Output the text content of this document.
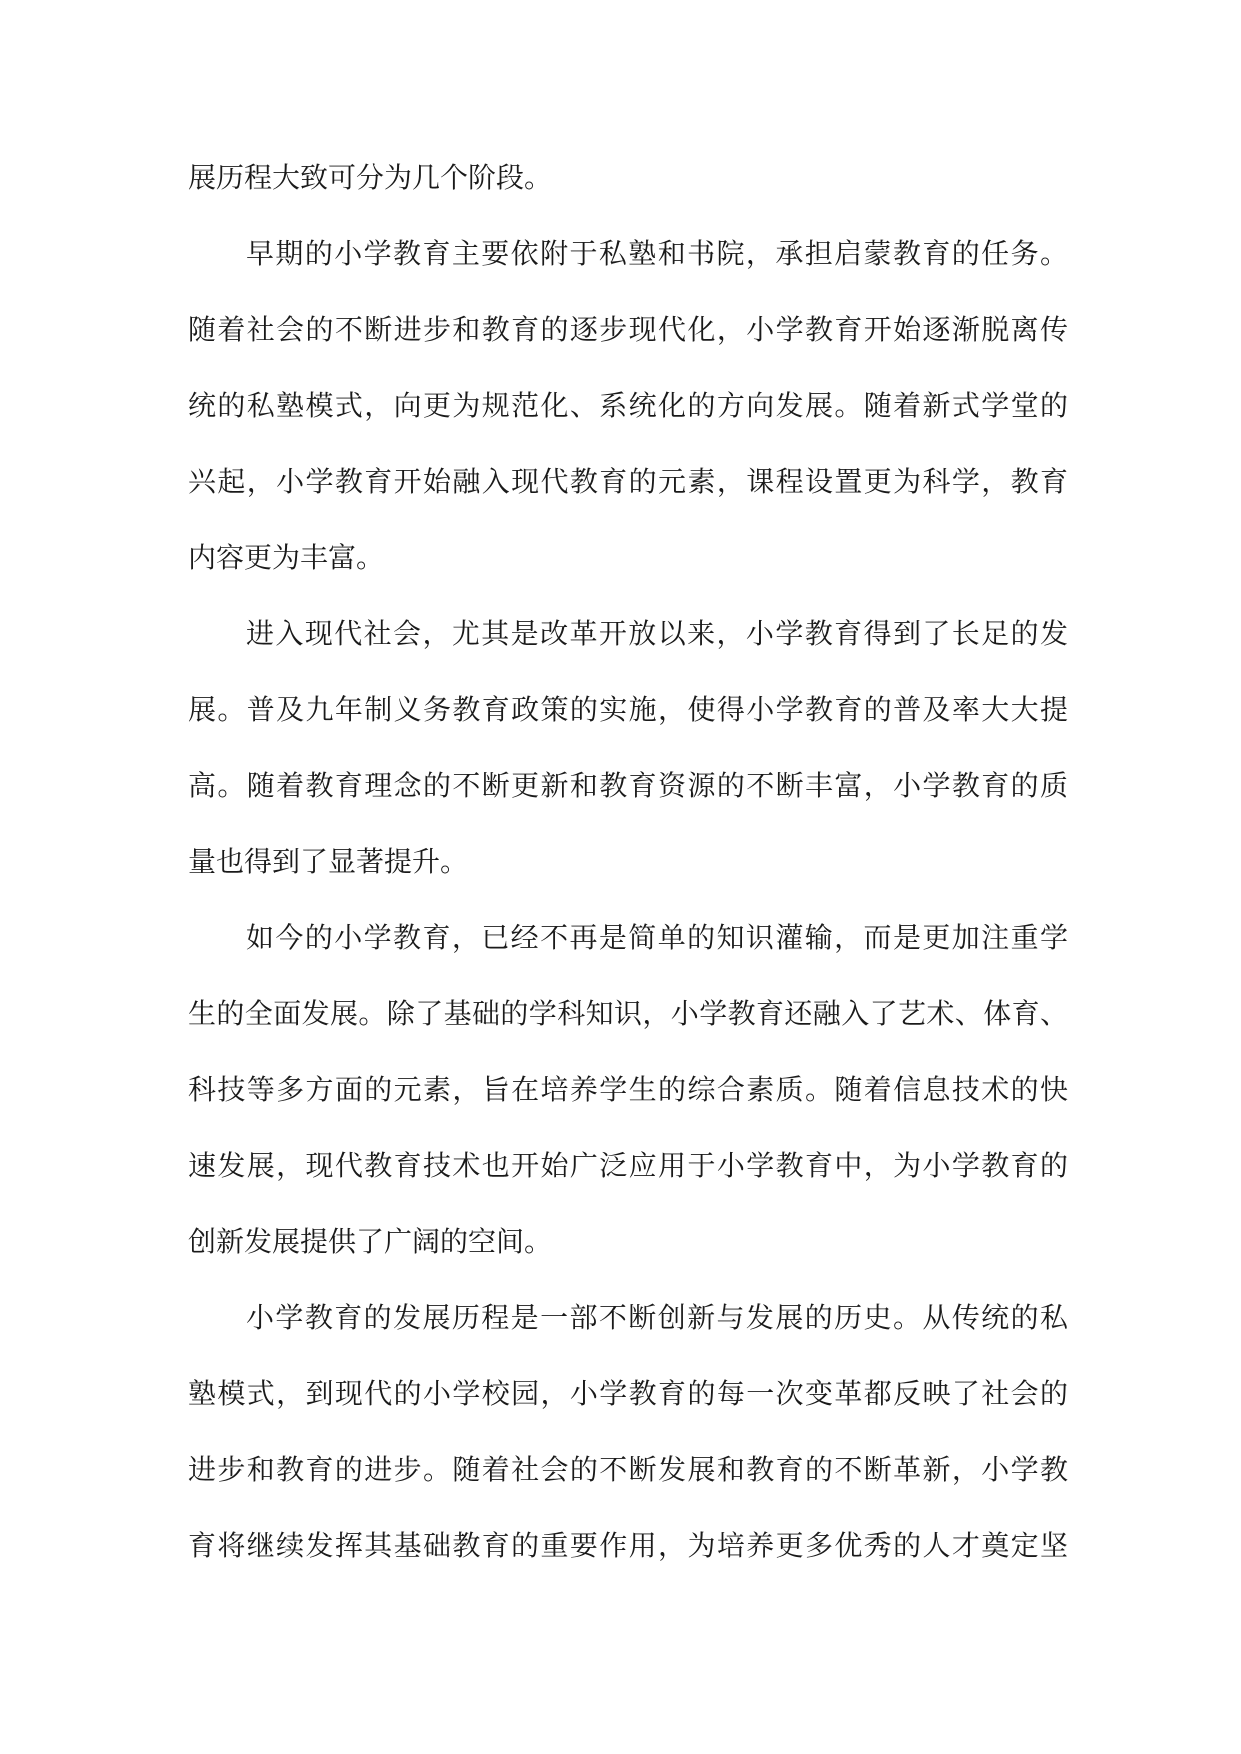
展历程大致可分为几个阶段。
早期的小学教育主要依附于私塾和书院，承担启蒙教育的任务。
随着社会的不断进步和教育的逐步现代化，小学教育开始逐渐脱离传
统的私塾模式，向更为规范化、系统化的方向发展。随着新式学堂的
兴起，小学教育开始融入现代教育的元素，课程设置更为科学，教育
内容更为丰富。
进入现代社会，尤其是改革开放以来，小学教育得到了长足的发
展。普及九年制义务教育政策的实施，使得小学教育的普及率大大提
高。随着教育理念的不断更新和教育资源的不断丰富，小学教育的质
量也得到了显著提升。
如今的小学教育，已经不再是简单的知识灌输，而是更加注重学
生的全面发展。除了基础的学科知识，小学教育还融入了艺术、体育、
科技等多方面的元素，旨在培养学生的综合素质。随着信息技术的快
速发展，现代教育技术也开始广泛应用于小学教育中，为小学教育的
创新发展提供了广阔的空间。
小学教育的发展历程是一部不断创新与发展的历史。从传统的私
塾模式，到现代的小学校园，小学教育的每一次变革都反映了社会的
进步和教育的进步。随着社会的不断发展和教育的不断革新，小学教
育将继续发挥其基础教育的重要作用，为培养更多优秀的人才奠定坚
